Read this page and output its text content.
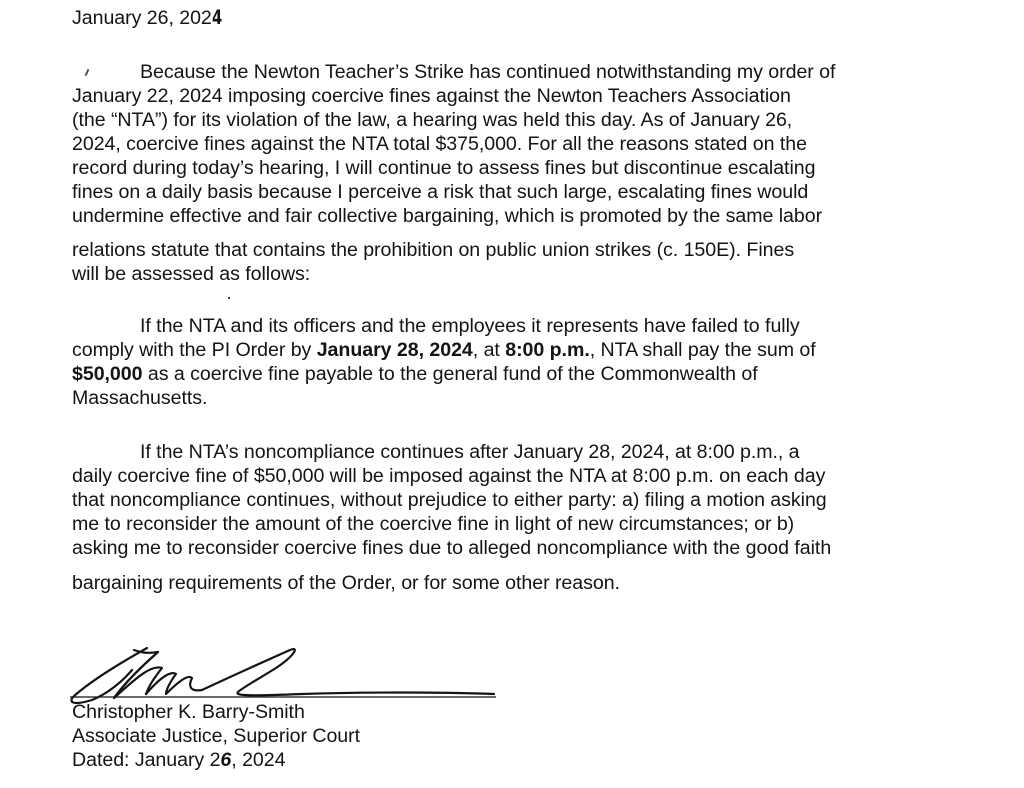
January 26, 2024
Because the Newton Teacher’s Strike has continued notwithstanding my order of
January 22, 2024 imposing coercive fines against the Newton Teachers Association
(the “NTA”) for its violation of the law, a hearing was held this day. As of January 26,
2024, coercive fines against the NTA total $375,000. For all the reasons stated on the
record during today’s hearing, I will continue to assess fines but discontinue escalating
fines on a daily basis because I perceive a risk that such large, escalating fines would
undermine effective and fair collective bargaining, which is promoted by the same labor
relations statute that contains the prohibition on public union strikes (c. 150E). Fines
will be assessed as follows:
If the NTA and its officers and the employees it represents have failed to fully
comply with the PI Order by January 28, 2024, at 8:00 p.m., NTA shall pay the sum of
$50,000 as a coercive fine payable to the general fund of the Commonwealth of
Massachusetts.
If the NTA’s noncompliance continues after January 28, 2024, at 8:00 p.m., a
daily coercive fine of $50,000 will be imposed against the NTA at 8:00 p.m. on each day
that noncompliance continues, without prejudice to either party: a) filing a motion asking
me to reconsider the amount of the coercive fine in light of new circumstances; or b)
asking me to reconsider coercive fines due to alleged noncompliance with the good faith
bargaining requirements of the Order, or for some other reason.
Christopher K. Barry-Smith
Associate Justice, Superior Court
Dated: January 26, 2024
